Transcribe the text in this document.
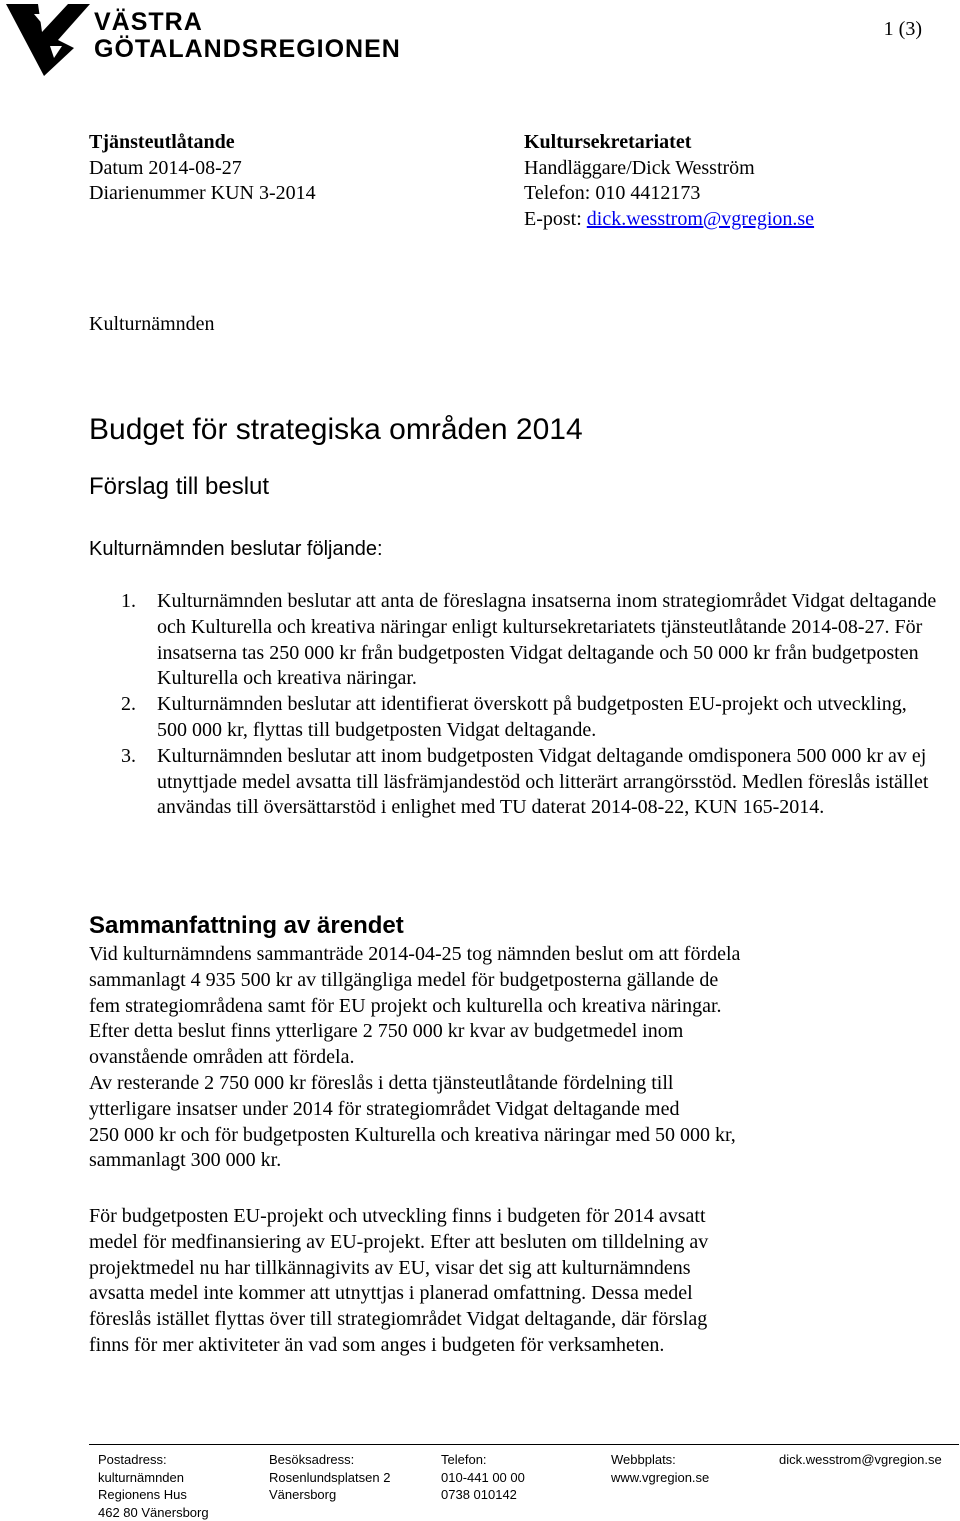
VÄSTRA
GÖTALANDSREGIONEN
1 (3)
Tjänsteutlåtande
Datum 2014-08-27
Diarienummer KUN 3-2014
Kultursekretariatet
Handläggare/Dick Wesström
Telefon: 010 4412173
E-post: dick.wesstrom@vgregion.se
Kulturnämnden
Budget för strategiska områden 2014
Förslag till beslut
Kulturnämnden beslutar följande:
1. Kulturnämnden beslutar att anta de föreslagna insatserna inom strategiområdet Vidgat deltagande och Kulturella och kreativa näringar enligt kultursekretariatets tjänsteutlåtande 2014-08-27. För insatserna tas 250 000 kr från budgetposten Vidgat deltagande och 50 000 kr från budgetposten Kulturella och kreativa näringar.
2. Kulturnämnden beslutar att identifierat överskott på budgetposten EU-projekt och utveckling, 500 000 kr, flyttas till budgetposten Vidgat deltagande.
3. Kulturnämnden beslutar att inom budgetposten Vidgat deltagande omdisponera 500 000 kr av ej utnyttjade medel avsatta till läsfrämjandestöd och litterärt arrangörsstöd. Medlen föreslås istället användas till översättarstöd i enlighet med TU daterat 2014-08-22, KUN 165-2014.
Sammanfattning av ärendet
Vid kulturnämndens sammanträde 2014-04-25 tog nämnden beslut om att fördela
sammanlagt 4 935 500 kr av tillgängliga medel för budgetposterna gällande de
fem strategiområdena samt för EU projekt och kulturella och kreativa näringar.
Efter detta beslut finns ytterligare 2 750 000 kr kvar av budgetmedel inom
ovanstående områden att fördela.
Av resterande 2 750 000 kr föreslås i detta tjänsteutlåtande fördelning till
ytterligare insatser under 2014 för strategiområdet Vidgat deltagande med
250 000 kr och för budgetposten Kulturella och kreativa näringar med 50 000 kr,
sammanlagt 300 000 kr.
För budgetposten EU-projekt och utveckling finns i budgeten för 2014 avsatt
medel för medfinansiering av EU-projekt. Efter att besluten om tilldelning av
projektmedel nu har tillkännagivits av EU, visar det sig att kulturnämndens
avsatta medel inte kommer att utnyttjas i planerad omfattning. Dessa medel
föreslås istället flyttas över till strategiområdet Vidgat deltagande, där förslag
finns för mer aktiviteter än vad som anges i budgeten för verksamheten.
Postadress:
kulturnämnden
Regionens Hus
462 80 Vänersborg
Besöksadress:
Rosenlundsplatsen 2
Vänersborg
Telefon:
010-441 00 00
0738 010142
Webbplats:
www.vgregion.se
dick.wesstrom@vgregion.se
